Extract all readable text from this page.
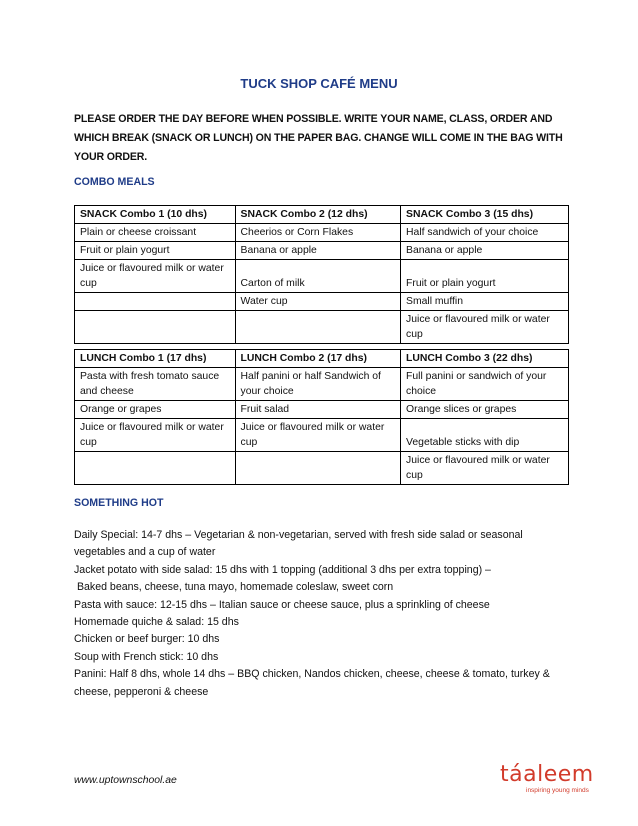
TUCK SHOP CAFÉ MENU
PLEASE ORDER THE DAY BEFORE WHEN POSSIBLE. WRITE YOUR NAME, CLASS, ORDER AND WHICH BREAK (SNACK OR LUNCH) ON THE PAPER BAG. CHANGE WILL COME IN THE BAG WITH YOUR ORDER.
COMBO MEALS
SNACK Combo 1 (10 dhs)	SNACK Combo 2 (12 dhs)	SNACK Combo 3 (15 dhs)
Plain or cheese croissant	Cheerios or Corn Flakes	Half sandwich of your choice
Fruit or plain yogurt	Banana or apple	Banana or apple
Juice or flavoured milk or water cup	Carton of milk	Fruit or plain yogurt
	Water cup	Small muffin
		Juice or flavoured milk or water cup
LUNCH Combo 1 (17 dhs)	LUNCH Combo 2 (17 dhs)	LUNCH Combo 3 (22 dhs)
Pasta with fresh tomato sauce and cheese	Half panini or half Sandwich of your choice	Full panini or sandwich of your choice
Orange or grapes	Fruit salad	Orange slices or grapes
Juice or flavoured milk or water cup	Juice or flavoured milk or water cup	Vegetable sticks with dip
		Juice or flavoured milk or water cup
SOMETHING HOT
Daily Special: 14-7 dhs – Vegetarian & non-vegetarian, served with fresh side salad or seasonal vegetables and a cup of water
Jacket potato with side salad: 15 dhs with 1 topping (additional 3 dhs per extra topping) –
Baked beans, cheese, tuna mayo, homemade coleslaw, sweet corn
Pasta with sauce: 12-15 dhs – Italian sauce or cheese sauce, plus a sprinkling of cheese
Homemade quiche & salad: 15 dhs
Chicken or beef burger: 10 dhs
Soup with French stick: 10 dhs
Panini: Half 8 dhs, whole 14 dhs – BBQ chicken, Nandos chicken, cheese, cheese & tomato, turkey & cheese, pepperoni & cheese
www.uptownschool.ae	táaleem
inspiring young minds
